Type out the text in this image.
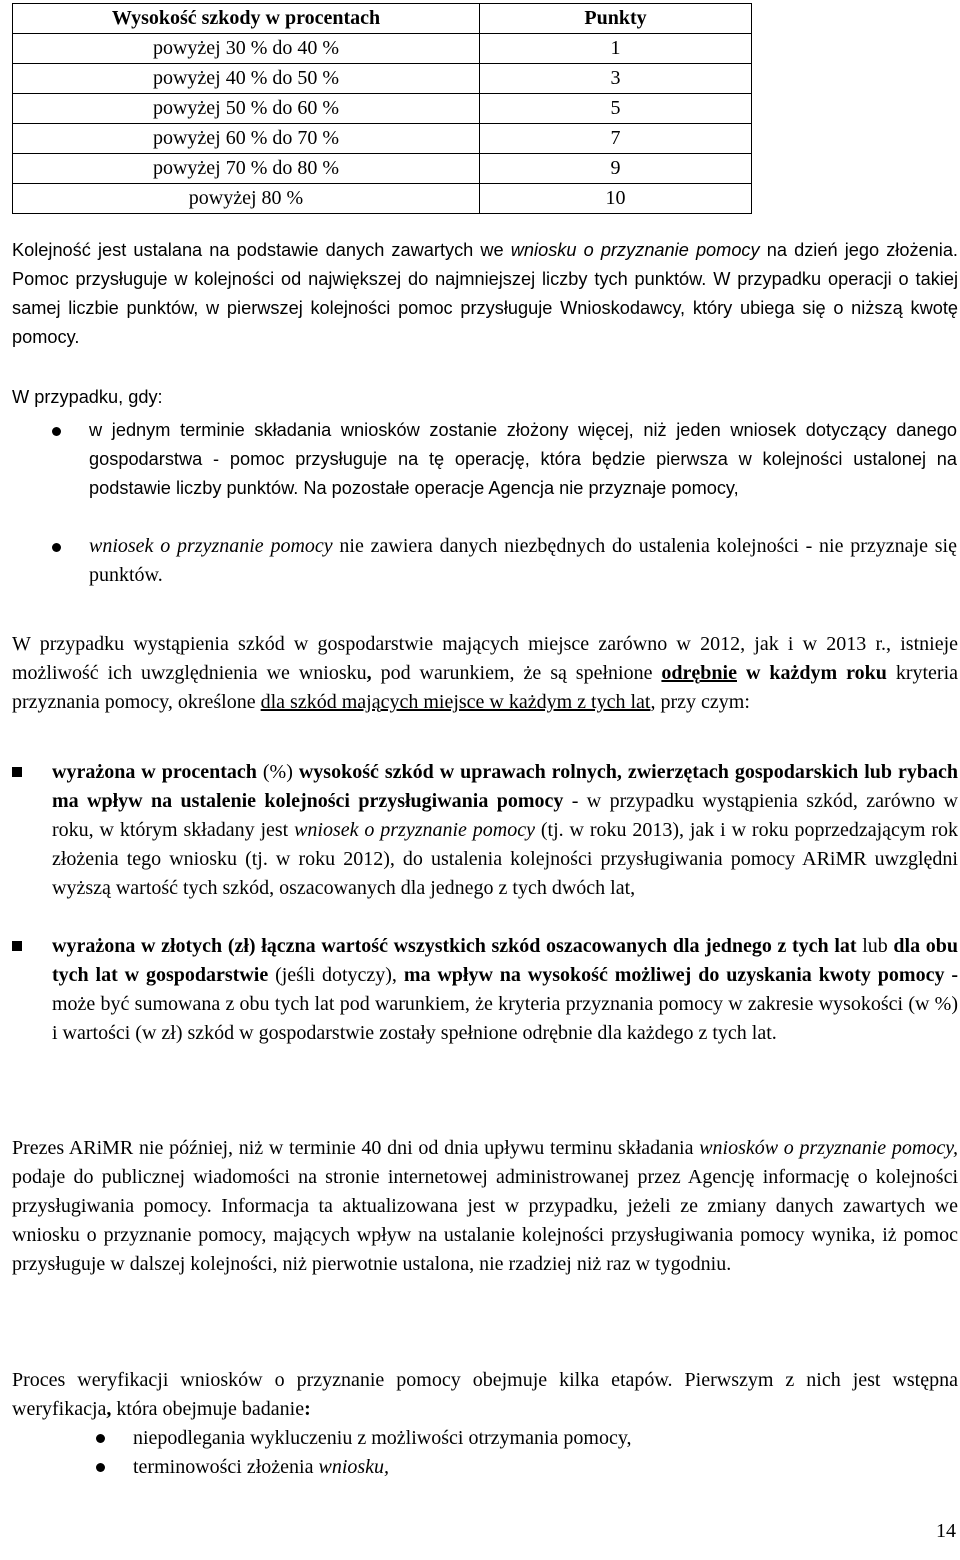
Wysokość szkody w procentach	Punkty
powyżej 30 % do 40 %	1
powyżej 40 % do 50 %	3
powyżej 50 % do 60 %	5
powyżej 60 % do 70 %	7
powyżej 70 % do 80 %	9
powyżej 80 %	10

Kolejność jest ustalana na podstawie danych zawartych we wniosku o przyznanie pomocy na dzień jego złożenia. Pomoc przysługuje w kolejności od największej do najmniejszej liczby tych punktów. W przypadku operacji o takiej samej liczbie punktów, w pierwszej kolejności pomoc przysługuje Wnioskodawcy, który ubiega się o niższą kwotę pomocy.

W przypadku, gdy:

w jednym terminie składania wniosków zostanie złożony więcej, niż jeden wniosek dotyczący danego gospodarstwa - pomoc przysługuje na tę operację, która będzie pierwsza w kolejności ustalonej na podstawie liczby punktów. Na pozostałe operacje Agencja nie przyznaje pomocy,

wniosek o przyznanie pomocy nie zawiera danych niezbędnych do ustalenia kolejności - nie przyznaje się punktów.

W przypadku wystąpienia szkód w gospodarstwie mających miejsce zarówno w 2012, jak i w 2013 r., istnieje możliwość ich uwzględnienia we wniosku, pod warunkiem, że są spełnione odrębnie w każdym roku kryteria przyznania pomocy, określone dla szkód mających miejsce w każdym z tych lat, przy czym:

wyrażona w procentach (%) wysokość szkód w uprawach rolnych, zwierzętach gospodarskich lub rybach ma wpływ na ustalenie kolejności przysługiwania pomocy - w przypadku wystąpienia szkód, zarówno w roku, w którym składany jest wniosek o przyznanie pomocy (tj. w roku 2013), jak i w roku poprzedzającym rok złożenia tego wniosku (tj. w roku 2012), do ustalenia kolejności przysługiwania pomocy ARiMR uwzględni wyższą wartość tych szkód, oszacowanych dla jednego z tych dwóch lat,

wyrażona w złotych (zł) łączna wartość wszystkich szkód oszacowanych dla jednego z tych lat lub dla obu tych lat w gospodarstwie (jeśli dotyczy), ma wpływ na wysokość możliwej do uzyskania kwoty pomocy - może być sumowana z obu tych lat pod warunkiem, że kryteria przyznania pomocy w zakresie wysokości (w %) i wartości (w zł) szkód w gospodarstwie zostały spełnione odrębnie dla każdego z tych lat.

Prezes ARiMR nie później, niż w terminie 40 dni od dnia upływu terminu składania wniosków o przyznanie pomocy, podaje do publicznej wiadomości na stronie internetowej administrowanej przez Agencję informację o kolejności przysługiwania pomocy. Informacja ta aktualizowana jest w przypadku, jeżeli ze zmiany danych zawartych we wniosku o przyznanie pomocy, mających wpływ na ustalanie kolejności przysługiwania pomocy wynika, iż pomoc przysługuje w dalszej kolejności, niż pierwotnie ustalona, nie rzadziej niż raz w tygodniu.

Proces weryfikacji wniosków o przyznanie pomocy obejmuje kilka etapów. Pierwszym z nich jest wstępna weryfikacja, która obejmuje badanie:

niepodlegania wykluczeniu z możliwości otrzymania pomocy,

terminowości złożenia wniosku,

14
